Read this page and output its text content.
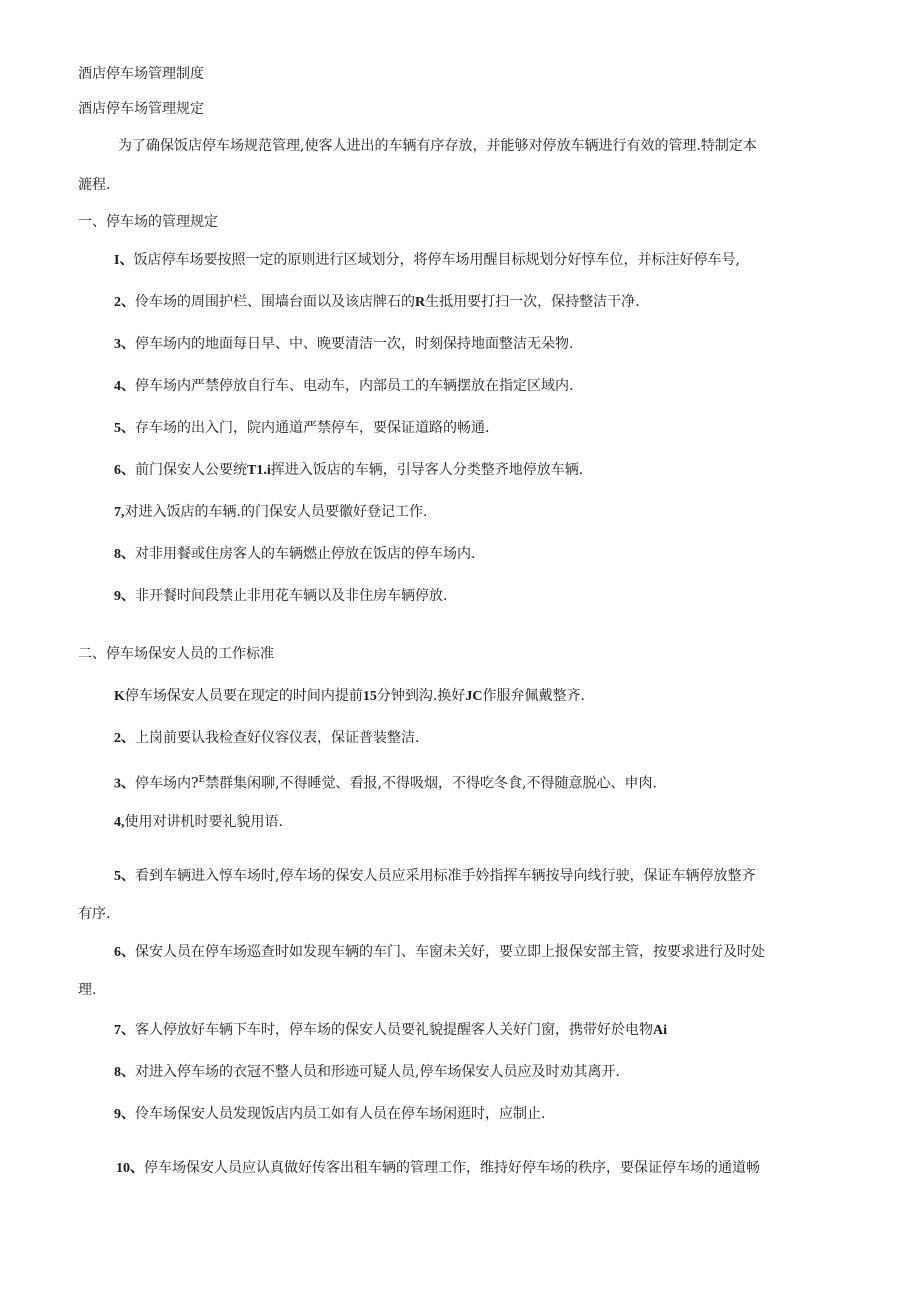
酒店停车场管理制度
酒店停车场管理规定
为了确保饭店停车场规范管理,使客人进出的车辆有序存放，并能够对停放车辆进行有效的管理.特制定本
漉程.
一、停车场的管理规定
I、饭店停车场要按照一定的原则进行区域划分，将停车场用醒目标规划分好惇车位，并标注好停车号,
2、伶车场的周围护栏、围墙台面以及该店牌石的R生抵用要打扫一次，保持整洁干净.
3、停车场内的地面每日早、中、晚要清洁一次，时刻保持地面整洁无朵物.
4、停车场内严禁停放自行车、电动车，内部员工的车辆摆放在指定区域内.
5、存车场的出入门，院内通道严禁停车，要保证道路的畅通.
6、前门保安人公要统T1.i挥进入饭店的车辆，引导客人分类整齐地停放车辆.
7,对进入饭店的车辆.的门保安人员要徽好登记工作.
8、对非用餐或住房客人的车辆燃止停放在饭店的停车场内.
9、非开餐时间段禁止非用花车辆以及非住房车辆停放.
二、停车场保安人员的工作标准
K停车场保安人员要在现定的时间内提前15分钟到沟.换好JC作服弁佩戴整齐.
2、上岗前要认我检查好仪容仪表，保证普装整洁.
3、停车场内?$^E$禁群集闲聊,不得睡觉、看报,不得吸烟，不得吃冬食,不得随意脱心、申肉.
4,使用对讲机时要礼貌用语.
5、看到车辆进入惇车场时,停车场的保安人员应采用标准手妗指挥车辆按导向线行驶，保证车辆停放整齐
有序.
6、保安人员在停车场巡查时如发现车辆的车门、车窗未关好，要立即上报保安部主管，按要求进行及时处
理.
7、客人停放好车辆下车时，停车场的保安人员要礼貌提醒客人关好门窗，携带好於电物Ai
8、对进入停车场的衣冠不整人员和形迹可疑人员,停车场保安人员应及时劝其离开.
9、伶车场保安人员发现饭店内员工如有人员在停车场闲逛时，应制止.
10、停车场保安人员应认真做好传客出租车辆的管理工作，维持好停车场的秩序，要保证停车场的通道畅
